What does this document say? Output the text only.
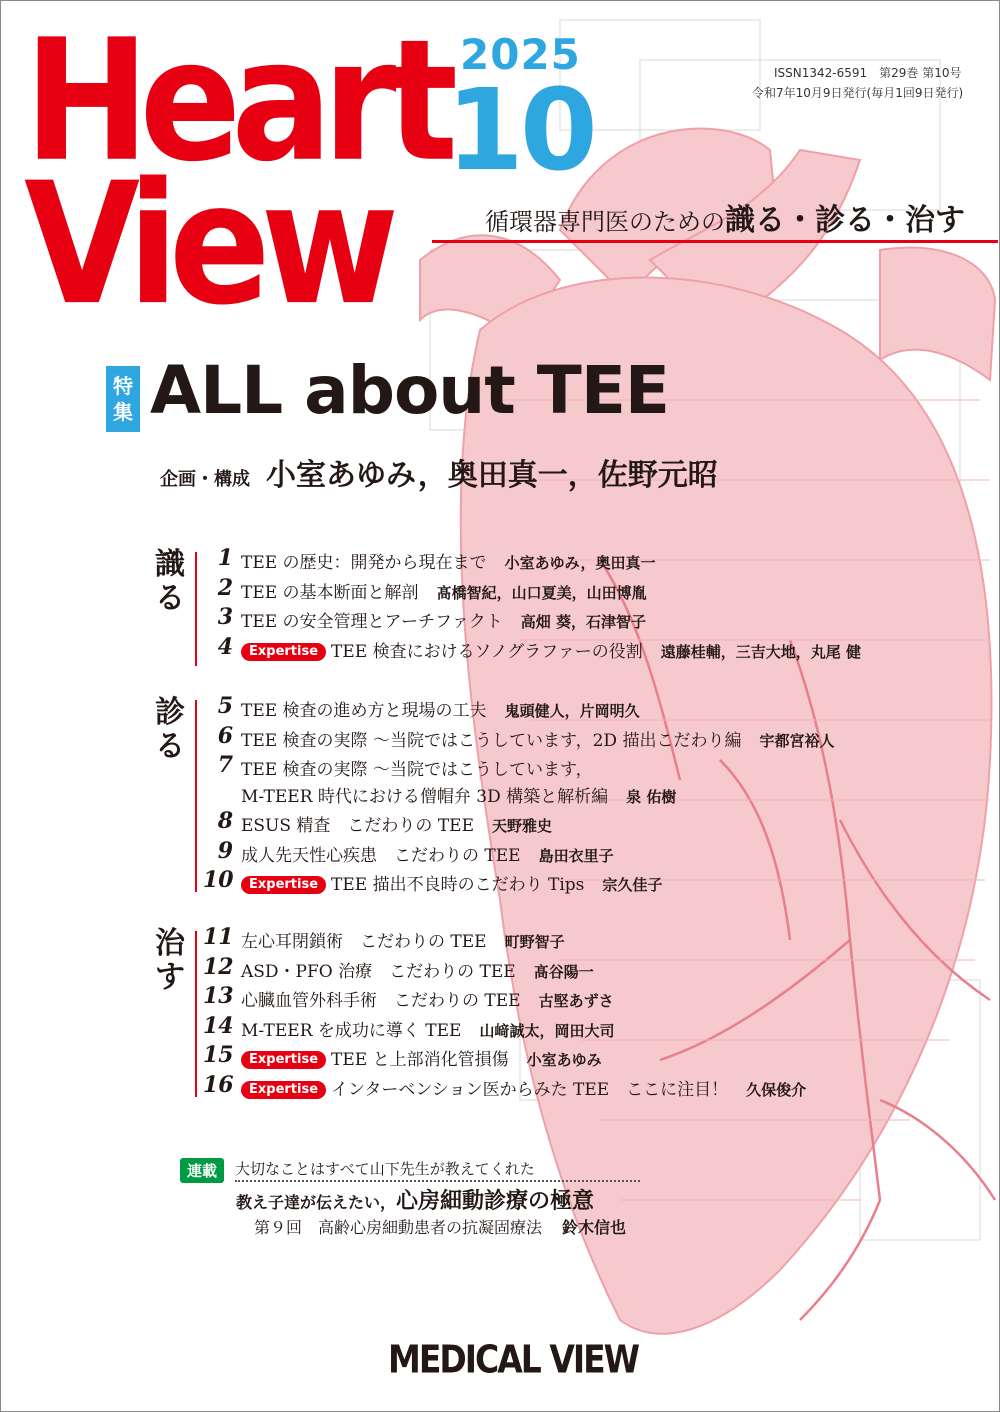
Heart
View
2025
10	ISSN1342-6591　第29巻 第10号
令和7年10月9日発行(毎月1回9日発行)
循環器専門医のための識る・診る・治す
特
集 ALL about TEE
企画・構成 小室あゆみ，奥田真一，佐野元昭
識
る
1 TEE の歴史：開発から現在まで 小室あゆみ，奥田真一
2 TEE の基本断面と解剖 髙橋智紀，山口夏美，山田博胤
3 TEE の安全管理とアーチファクト 高畑 葵，石津智子
4	Expertise TEE 検査におけるソノグラファーの役割 遠藤桂輔，三吉大地，丸尾 健
診
る
5 TEE 検査の進め方と現場の工夫 鬼頭健人，片岡明久
6 TEE 検査の実際 ～当院ではこうしています，2D 描出こだわり編 宇都宮裕人
7 TEE 検査の実際 ～当院ではこうしています，
M-TEER 時代における僧帽弁 3D 構築と解析編 泉 佑樹
8 ESUS 精査　こだわりの TEE 天野雅史
9 成人先天性心疾患　こだわりの TEE 島田衣里子
10	Expertise TEE 描出不良時のこだわり Tips 宗久佳子
治
す
11 左心耳閉鎖術　こだわりの TEE 町野智子
12 ASD・PFO 治療　こだわりの TEE 髙谷陽一
13 心臓血管外科手術　こだわりの TEE 古堅あずさ
14 M-TEER を成功に導く TEE 山﨑誠太，岡田大司
15	Expertise TEE と上部消化管損傷 小室あゆみ
16	Expertise インターベンション医からみた TEE　ここに注目！ 久保俊介
連載	大切なことはすべて山下先生が教えてくれた
教え子達が伝えたい，心房細動診療の極意
第９回　高齢心房細動患者の抗凝固療法 鈴木信也
MEDICAL VIEW
